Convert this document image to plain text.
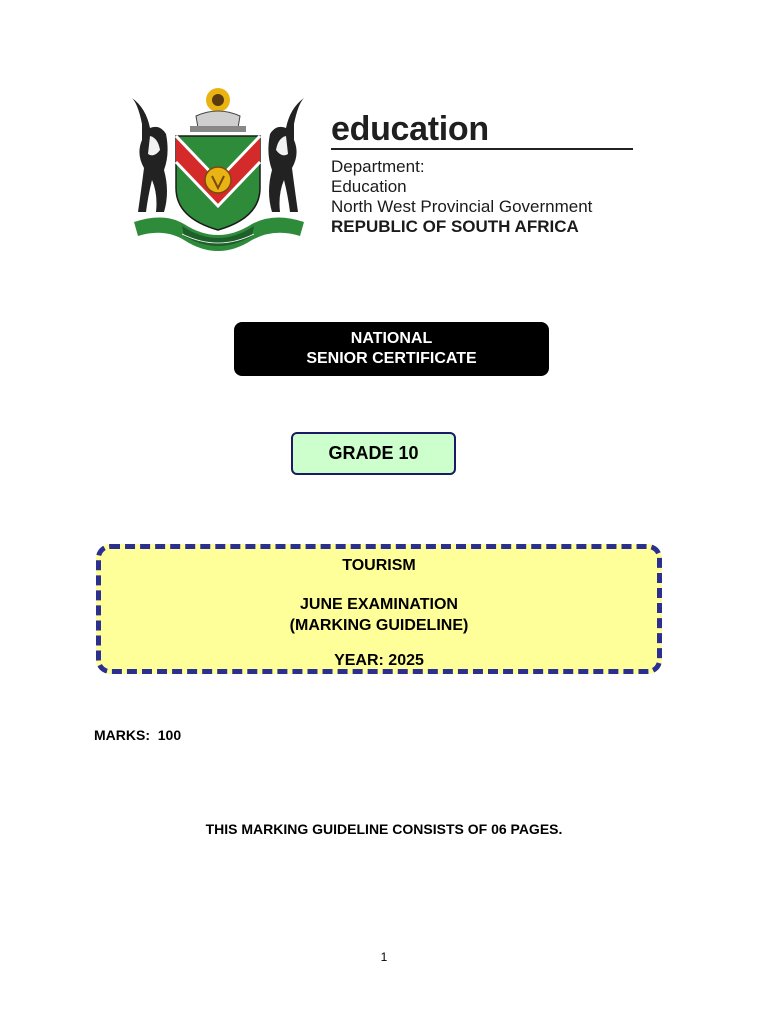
education
Department:
Education
North West Provincial Government
REPUBLIC OF SOUTH AFRICA
NATIONAL
SENIOR CERTIFICATE
GRADE 10
TOURISM
JUNE EXAMINATION
(MARKING GUIDELINE)
YEAR: 2025
MARKS:  100
THIS MARKING GUIDELINE CONSISTS OF 06 PAGES.
1
